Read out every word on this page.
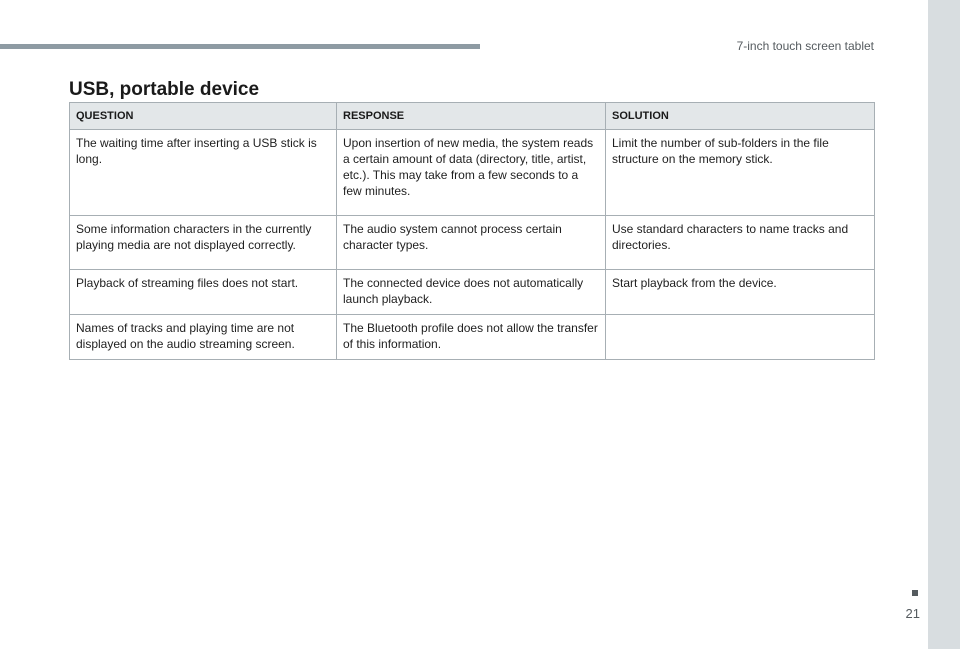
7-inch touch screen tablet
USB, portable device
QUESTION	RESPONSE	SOLUTION
The waiting time after inserting a USB stick is long.	Upon insertion of new media, the system reads a certain amount of data (directory, title, artist, etc.). This may take from a few seconds to a few minutes.	Limit the number of sub-folders in the file structure on the memory stick.
Some information characters in the currently playing media are not displayed correctly.	The audio system cannot process certain character types.	Use standard characters to name tracks and directories.
Playback of streaming files does not start.	The connected device does not automatically launch playback.	Start playback from the device.
Names of tracks and playing time are not displayed on the audio streaming screen.	The Bluetooth profile does not allow the transfer of this information.	
21
